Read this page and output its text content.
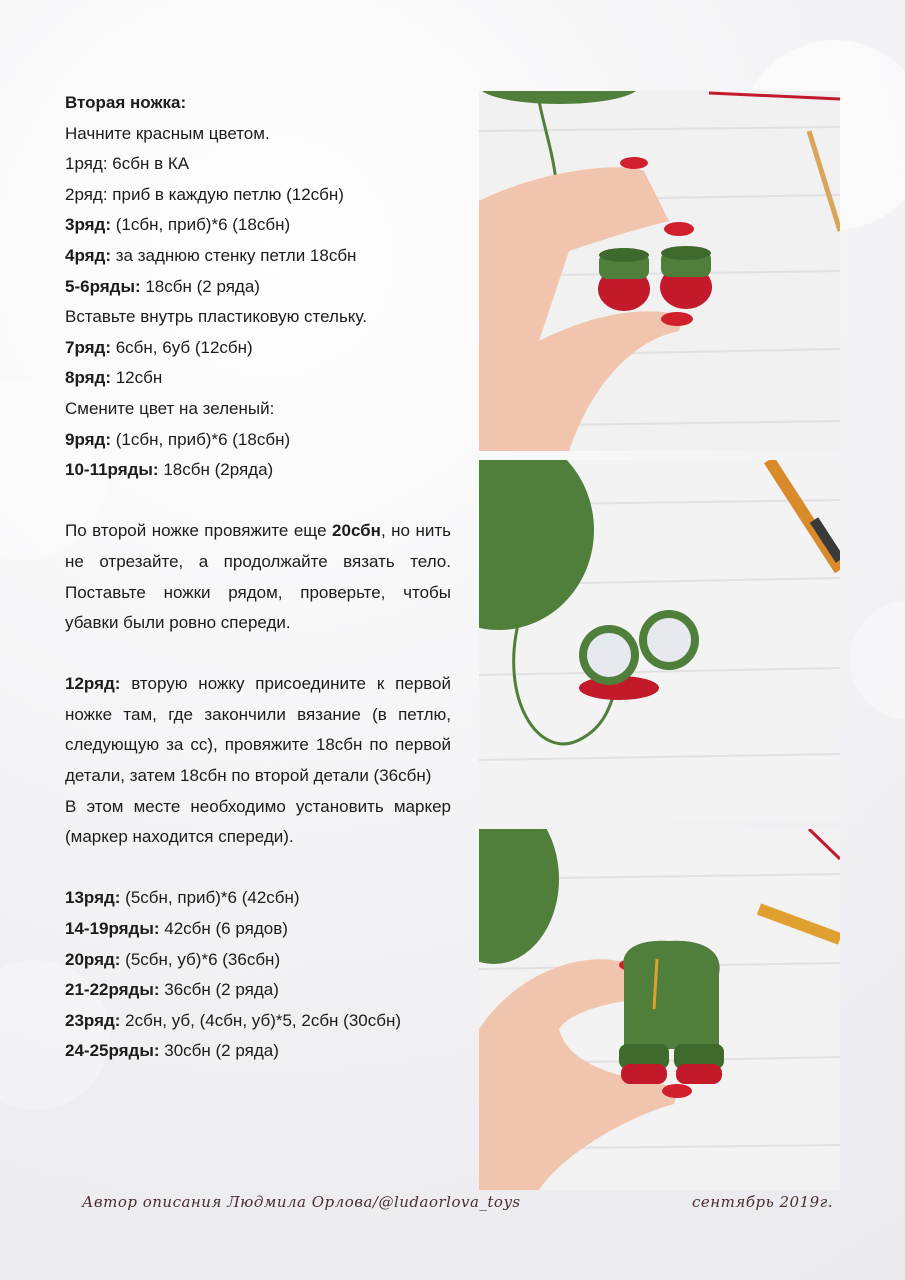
Вторая ножка:

Начните красным цветом.

1ряд: 6сбн в КА

2ряд: приб в каждую петлю (12сбн)

3ряд: (1сбн, приб)*6 (18сбн)

4ряд: за заднюю стенку петли 18сбн

5-6ряды: 18сбн (2 ряда)

Вставьте внутрь пластиковую стельку.

7ряд: 6сбн, 6уб (12сбн)

8ряд: 12сбн

Смените цвет на зеленый:

9ряд: (1сбн, приб)*6 (18сбн)

10-11ряды: 18сбн (2ряда)

По второй ножке провяжите еще 20сбн, но нить не отрезайте, а продолжайте вязать тело. Поставьте ножки рядом, проверьте, чтобы убавки были ровно спереди.

12ряд: вторую ножку присоедините к первой ножке там, где закончили вязание (в петлю, следующую за сс), провяжите 18сбн по первой детали, затем 18сбн по второй детали (36сбн)

В этом месте необходимо установить маркер (маркер находится спереди).

13ряд: (5сбн, приб)*6 (42сбн)

14-19ряды: 42сбн (6 рядов)

20ряд: (5сбн, уб)*6 (36сбн)

21-22ряды: 36сбн (2 ряда)

23ряд: 2сбн, уб, (4сбн, уб)*5, 2сбн (30сбн)

24-25ряды: 30сбн (2 ряда)

Автор описания Людмила Орлова/@ludaorlova_toys	сентябрь 2019г.
